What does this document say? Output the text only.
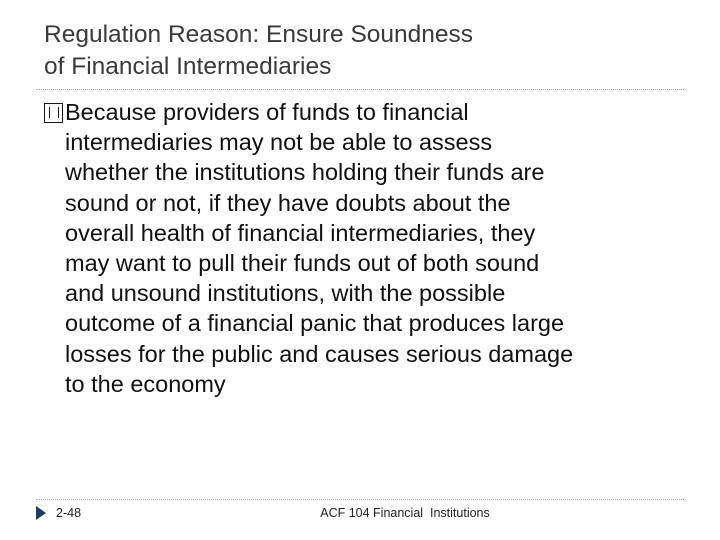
Regulation Reason: Ensure Soundness
of Financial Intermediaries

Because providers of funds to financial
intermediaries may not be able to assess
whether the institutions holding their funds are
sound or not, if they have doubts about the
overall health of financial intermediaries, they
may want to pull their funds out of both sound
and unsound institutions, with the possible
outcome of a financial panic that produces large
losses for the public and causes serious damage
to the economy

2-48	ACF 104 Financial  Institutions
